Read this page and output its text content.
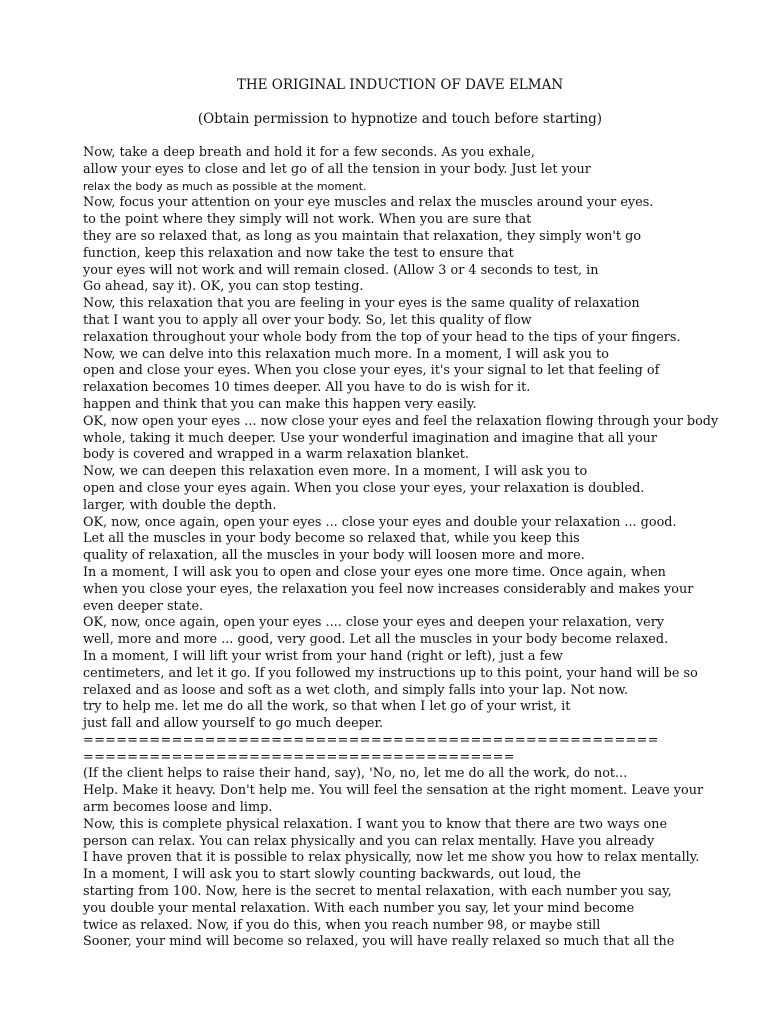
THE ORIGINAL INDUCTION OF DAVE ELMAN
(Obtain permission to hypnotize and touch before starting)
Now, take a deep breath and hold it for a few seconds. As you exhale,
allow your eyes to close and let go of all the tension in your body. Just let your
relax the body as much as possible at the moment.
Now, focus your attention on your eye muscles and relax the muscles around your eyes.
to the point where they simply will not work. When you are sure that
they are so relaxed that, as long as you maintain that relaxation, they simply won't go
function, keep this relaxation and now take the test to ensure that
your eyes will not work and will remain closed. (Allow 3 or 4 seconds to test, in
Go ahead, say it). OK, you can stop testing.
Now, this relaxation that you are feeling in your eyes is the same quality of relaxation
that I want you to apply all over your body. So, let this quality of flow
relaxation throughout your whole body from the top of your head to the tips of your fingers.
Now, we can delve into this relaxation much more. In a moment, I will ask you to
open and close your eyes. When you close your eyes, it's your signal to let that feeling of
relaxation becomes 10 times deeper. All you have to do is wish for it.
happen and think that you can make this happen very easily.
OK, now open your eyes ... now close your eyes and feel the relaxation flowing through your body
whole, taking it much deeper. Use your wonderful imagination and imagine that all your
body is covered and wrapped in a warm relaxation blanket.
Now, we can deepen this relaxation even more. In a moment, I will ask you to
open and close your eyes again. When you close your eyes, your relaxation is doubled.
larger, with double the depth.
OK, now, once again, open your eyes ... close your eyes and double your relaxation ... good.
Let all the muscles in your body become so relaxed that, while you keep this
quality of relaxation, all the muscles in your body will loosen more and more.
In a moment, I will ask you to open and close your eyes one more time. Once again, when
when you close your eyes, the relaxation you feel now increases considerably and makes your
even deeper state.
OK, now, once again, open your eyes .... close your eyes and deepen your relaxation, very
well, more and more ... good, very good. Let all the muscles in your body become relaxed.
In a moment, I will lift your wrist from your hand (right or left), just a few
centimeters, and let it go. If you followed my instructions up to this point, your hand will be so
relaxed and as loose and soft as a wet cloth, and simply falls into your lap. Not now.
try to help me. let me do all the work, so that when I let go of your wrist, it
just fall and allow yourself to go much deeper.
====================================================
=======================================
(If the client helps to raise their hand, say), 'No, no, let me do all the work, do not...
Help. Make it heavy. Don't help me. You will feel the sensation at the right moment. Leave your
arm becomes loose and limp.
Now, this is complete physical relaxation. I want you to know that there are two ways one
person can relax. You can relax physically and you can relax mentally. Have you already
I have proven that it is possible to relax physically, now let me show you how to relax mentally.
In a moment, I will ask you to start slowly counting backwards, out loud, the
starting from 100. Now, here is the secret to mental relaxation, with each number you say,
you double your mental relaxation. With each number you say, let your mind become
twice as relaxed. Now, if you do this, when you reach number 98, or maybe still
Sooner, your mind will become so relaxed, you will have really relaxed so much that all the
